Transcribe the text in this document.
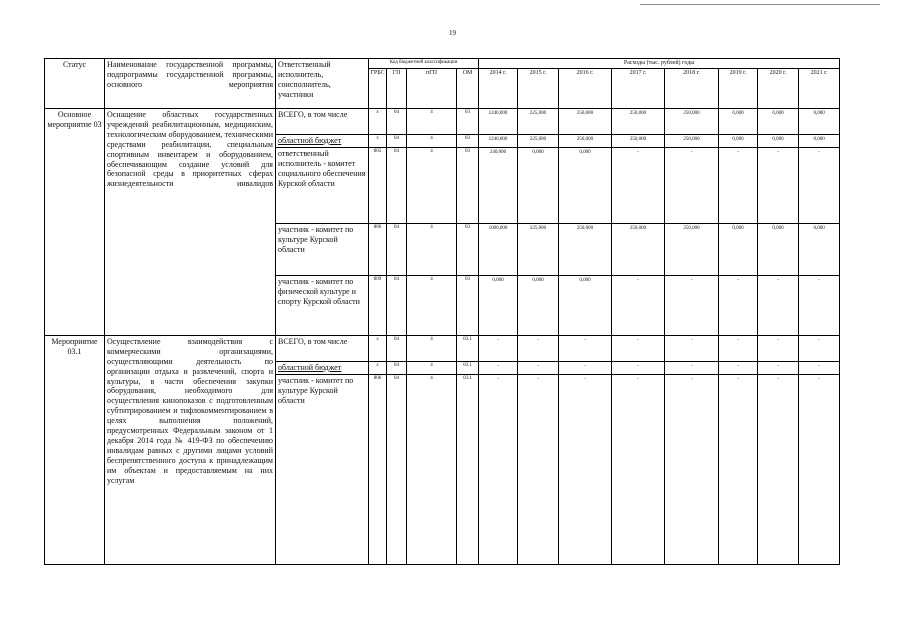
19
Статус	Наименование государственной программы, подпрограммы государственной программы, основного мероприятия	Ответственный исполнитель, соисполнитель, участники	Код бюджетной классификации				Расходы (тыс. рублей) годы							
			ГРБС	ГП	пГП	ОМ	2014 г.	2015 г.	2016 г.	2017 г.	2018 г.	2019 г.	2020 г.	2021 г.
Основное мероприятие 03	Оснащение областных государственных учреждений реабилитационным, медицинским, технологическим оборудованием, техническими средствами реабилитации, специальным спортивным инвентарем и оборудованием, обеспечивающим создание условий для безопасной среды в приоритетных сферах жизнедеятельности инвалидов	ВСЕГО, в том числе	x	04	4	03	1240,000	225,000	250,000	250,000	250,000	0,000	0,000	0,000
		областной бюджет	x	04	4	03	1240,000	225,000	250,000	250,000	250,000	0,000	0,000	0,000
		ответственный исполнитель - комитет социального обеспечения Курской области	805	04	4	03	240,000	0,000	0,000	-	-	-	-	-
		участник - комитет по культуре Курской области	806	04	4	03	1000,000	225,000	250,000	250,000	250,000	0,000	0,000	0,000
		участник - комитет по физической культуре и спорту Курской области	809	04	4	03	0,000	0,000	0,000	-	-	-	-	-
Мероприятие 03.1	Осуществление взаимодействия с коммерческими организациями, осуществляющими деятельность по организации отдыха и развлечений, спорта и культуры, в части обеспечения закупки оборудования, необходимого для осуществления кинопоказов с подготовленным субтитрированием и тифлокомментированием в целях выполнения положений, предусмотренных Федеральным законом от 1 декабря 2014 года № 419-ФЗ по обеспечению инвалидам равных с другими лицами условий беспрепятственного доступа к принадлежащим им объектам и предоставляемым на них услугам	ВСЕГО, в том числе	x	04	4	03.1	-	-	-	-	-	-	-	-
		областной бюджет	x	04	4	03.1	-	-	-	-	-	-	-	-
		участник - комитет по культуре Курской области	806	04	4	03.1	-	-	-	-	-	-	-	-
